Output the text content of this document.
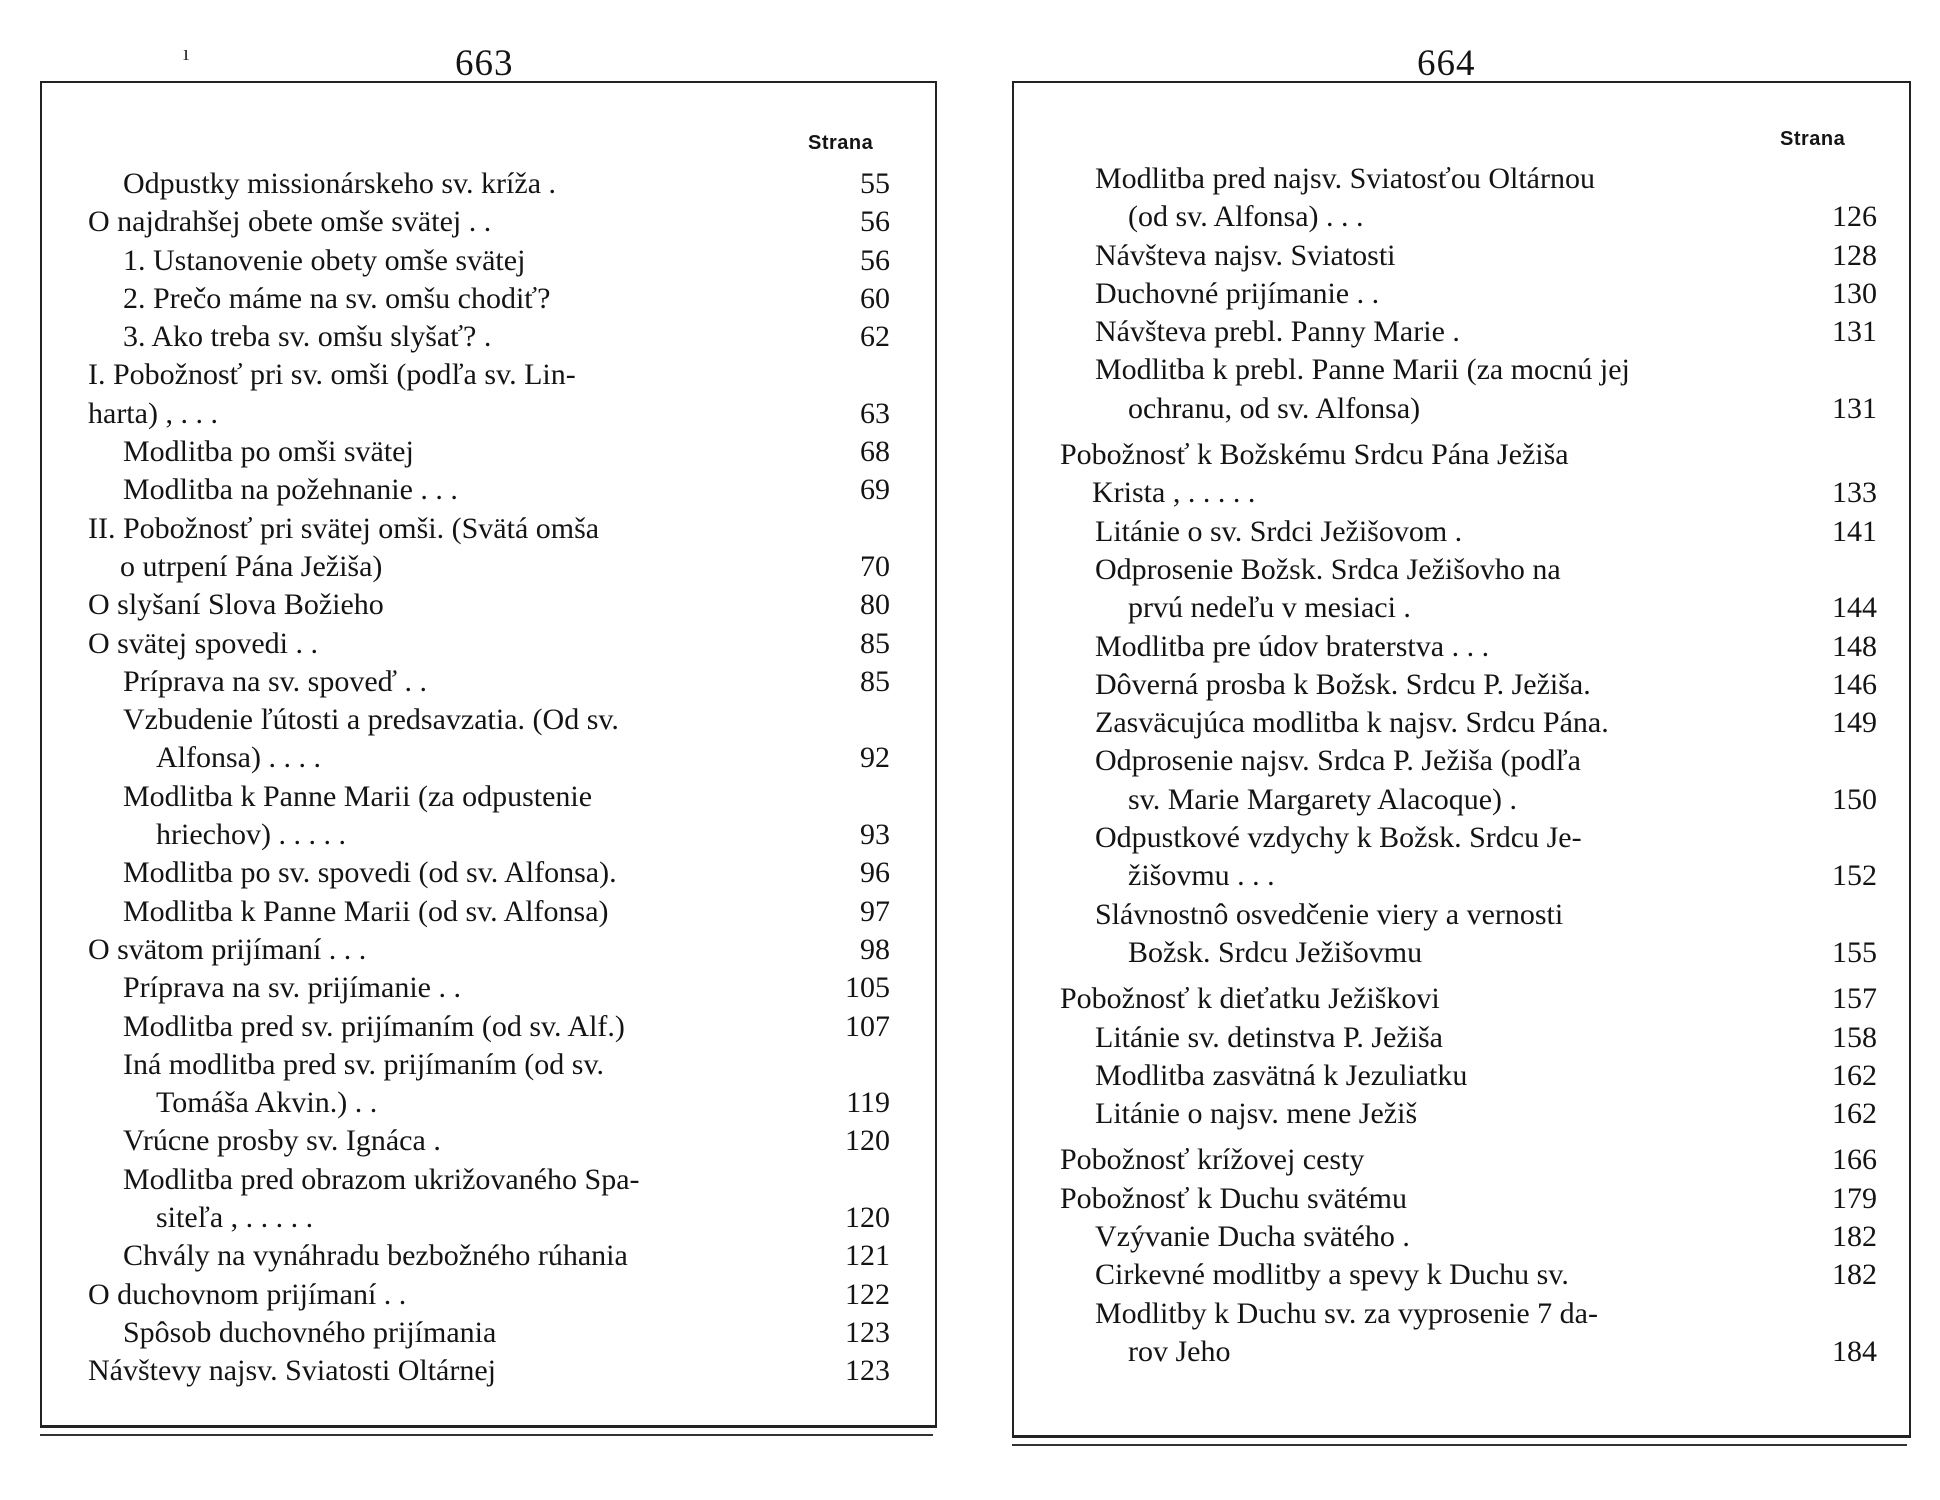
ı	663
Strana
Odpustky missionárskeho sv. kríža .	55
O najdrahšej obete omše svätej . .	56
1. Ustanovenie obety omše svätej	56
2. Prečo máme na sv. omšu chodiť?	60
3. Ako treba sv. omšu slyšať? .	62
I. Pobožnosť pri sv. omši (podľa sv. Lin-
harta) , . . .	63
Modlitba po omši svätej	68
Modlitba na požehnanie . . .	69
II. Pobožnosť pri svätej omši. (Svätá omša
o utrpení Pána Ježiša)	70
O slyšaní Slova Božieho	80
O svätej spovedi . .	85
Príprava na sv. spoveď . .	85
Vzbudenie ľútosti a predsavzatia. (Od sv.
Alfonsa) . . . .	92
Modlitba k Panne Marii (za odpustenie
hriechov) . . . . .	93
Modlitba po sv. spovedi (od sv. Alfonsa).	96
Modlitba k Panne Marii (od sv. Alfonsa)	97
O svätom prijímaní . . .	98
Príprava na sv. prijímanie . .	105
Modlitba pred sv. prijímaním (od sv. Alf.)	107
Iná modlitba pred sv. prijímaním (od sv.
Tomáša Akvin.) . .	119
Vrúcne prosby sv. Ignáca .	120
Modlitba pred obrazom ukrižovaného Spa-
siteľa , . . . . .	120
Chvály na vynáhradu bezbožného rúhania	121
O duchovnom prijímaní . .	122
Spôsob duchovného prijímania	123
Návštevy najsv. Sviatosti Oltárnej	123
664
Strana
Modlitba pred najsv. Sviatosťou Oltárnou
(od sv. Alfonsa) . . .	126
Návšteva najsv. Sviatosti	128
Duchovné prijímanie . .	130
Návšteva prebl. Panny Marie .	131
Modlitba k prebl. Panne Marii (za mocnú jej
ochranu, od sv. Alfonsa)	131
Pobožnosť k Božskému Srdcu Pána Ježiša
Krista , . . . . .	133
Litánie o sv. Srdci Ježišovom .	141
Odprosenie Božsk. Srdca Ježišovho na
prvú nedeľu v mesiaci .	144
Modlitba pre údov braterstva . . .	148
Dôverná prosba k Božsk. Srdcu P. Ježiša.	146
Zasväcujúca modlitba k najsv. Srdcu Pána.	149
Odprosenie najsv. Srdca P. Ježiša (podľa
sv. Marie Margarety Alacoque) .	150
Odpustkové vzdychy k Božsk. Srdcu Je-
žišovmu . . .	152
Slávnostnô osvedčenie viery a vernosti
Božsk. Srdcu Ježišovmu	155
Pobožnosť k dieťatku Ježiškovi	157
Litánie sv. detinstva P. Ježiša	158
Modlitba zasvätná k Jezuliatku	162
Litánie o najsv. mene Ježiš	162
Pobožnosť krížovej cesty	166
Pobožnosť k Duchu svätému	179
Vzývanie Ducha svätého .	182
Cirkevné modlitby a spevy k Duchu sv.	182
Modlitby k Duchu sv. za vyprosenie 7 da-
rov Jeho	184
